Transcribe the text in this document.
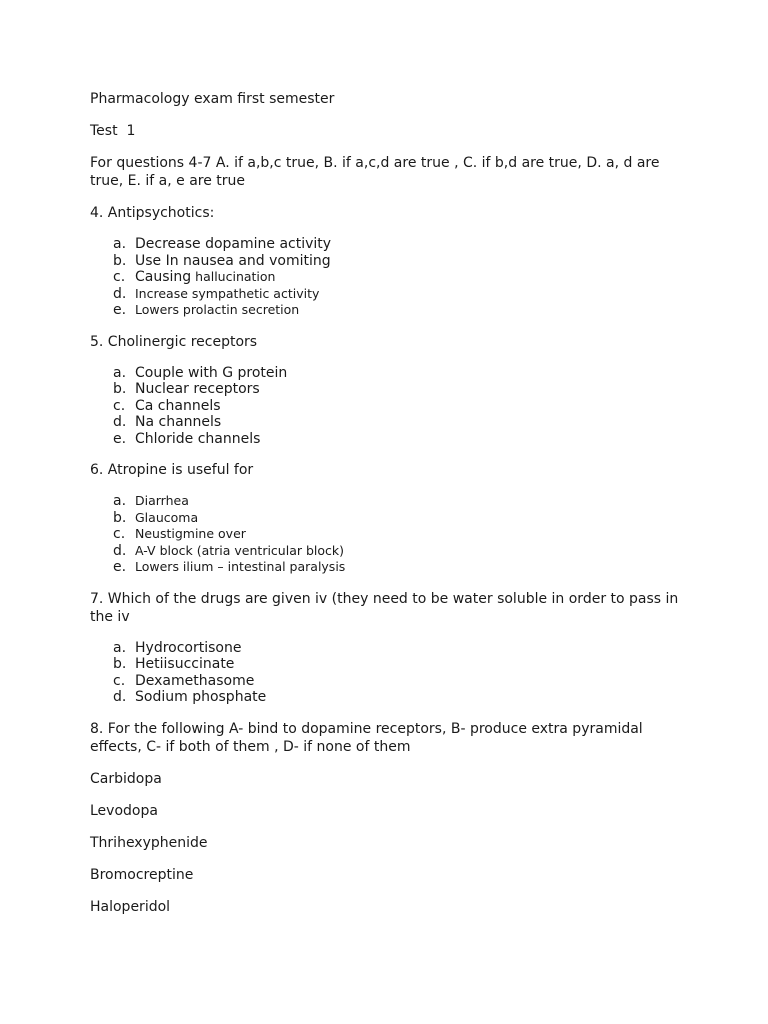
Pharmacology exam first semester

Test  1

For questions 4-7 A. if a,b,c true, B. if a,c,d are true , C. if b,d are true, D. a, d are true, E. if a, e are true

4. Antipsychotics:

a. Decrease dopamine activity
b. Use In nausea and vomiting
c. Causing hallucination
d. Increase sympathetic activity
e. Lowers prolactin secretion

5. Cholinergic receptors

a. Couple with G protein
b. Nuclear receptors
c. Ca channels
d. Na channels
e. Chloride channels

6. Atropine is useful for

a. Diarrhea
b. Glaucoma
c. Neustigmine over
d. A-V block (atria ventricular block)
e. Lowers ilium – intestinal paralysis

7. Which of the drugs are given iv (they need to be water soluble in order to pass in the iv

a. Hydrocortisone
b. Hetiisuccinate
c. Dexamethasome
d. Sodium phosphate

8. For the following A- bind to dopamine receptors, B- produce extra pyramidal effects, C- if both of them , D- if none of them

Carbidopa

Levodopa

Thrihexyphenide

Bromocreptine

Haloperidol
